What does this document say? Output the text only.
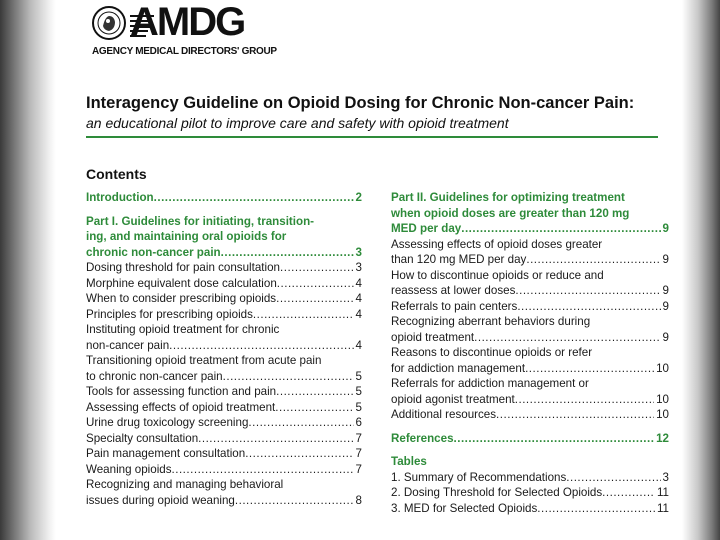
AMDG
AGENCY MEDICAL DIRECTORS' GROUP
Interagency Guideline on Opioid Dosing for Chronic Non-cancer Pain:
an educational pilot to improve care and safety with opioid treatment
Contents
Introduction .....	2
Part I. Guidelines for initiating, transition-
ing, and maintaining oral opioids for
chronic non-cancer pain .....	3
Dosing threshold for pain consultation .....	3
Morphine equivalent dose calculation .....	4
When to consider prescribing opioids .....	4
Principles for prescribing opioids .....	4
Instituting opioid treatment for chronic
non-cancer pain .....	4
Transitioning opioid treatment from acute pain
to chronic non-cancer pain .....	5
Tools for assessing function and pain .....	5
Assessing effects of opioid treatment .....	5
Urine drug toxicology screening .....	6
Specialty consultation .....	7
Pain management consultation .....	7
Weaning opioids .....	7
Recognizing and managing behavioral
issues during opioid weaning .....	8
Part II. Guidelines for optimizing treatment
when opioid doses are greater than 120 mg
MED per day .....	9
Assessing effects of opioid doses greater
than 120 mg MED per day .....	9
How to discontinue opioids or reduce and
reassess at lower doses .....	9
Referrals to pain centers .....	9
Recognizing aberrant behaviors during
opioid treatment .....	9
Reasons to discontinue opioids or refer
for addiction management .....	10
Referrals for addiction management or
opioid agonist treatment .....	10
Additional resources .....	10
References .....	12
Tables
1. Summary of Recommendations .....	3
2. Dosing Threshold for Selected Opioids .....	11
3. MED for Selected Opioids .....	11
